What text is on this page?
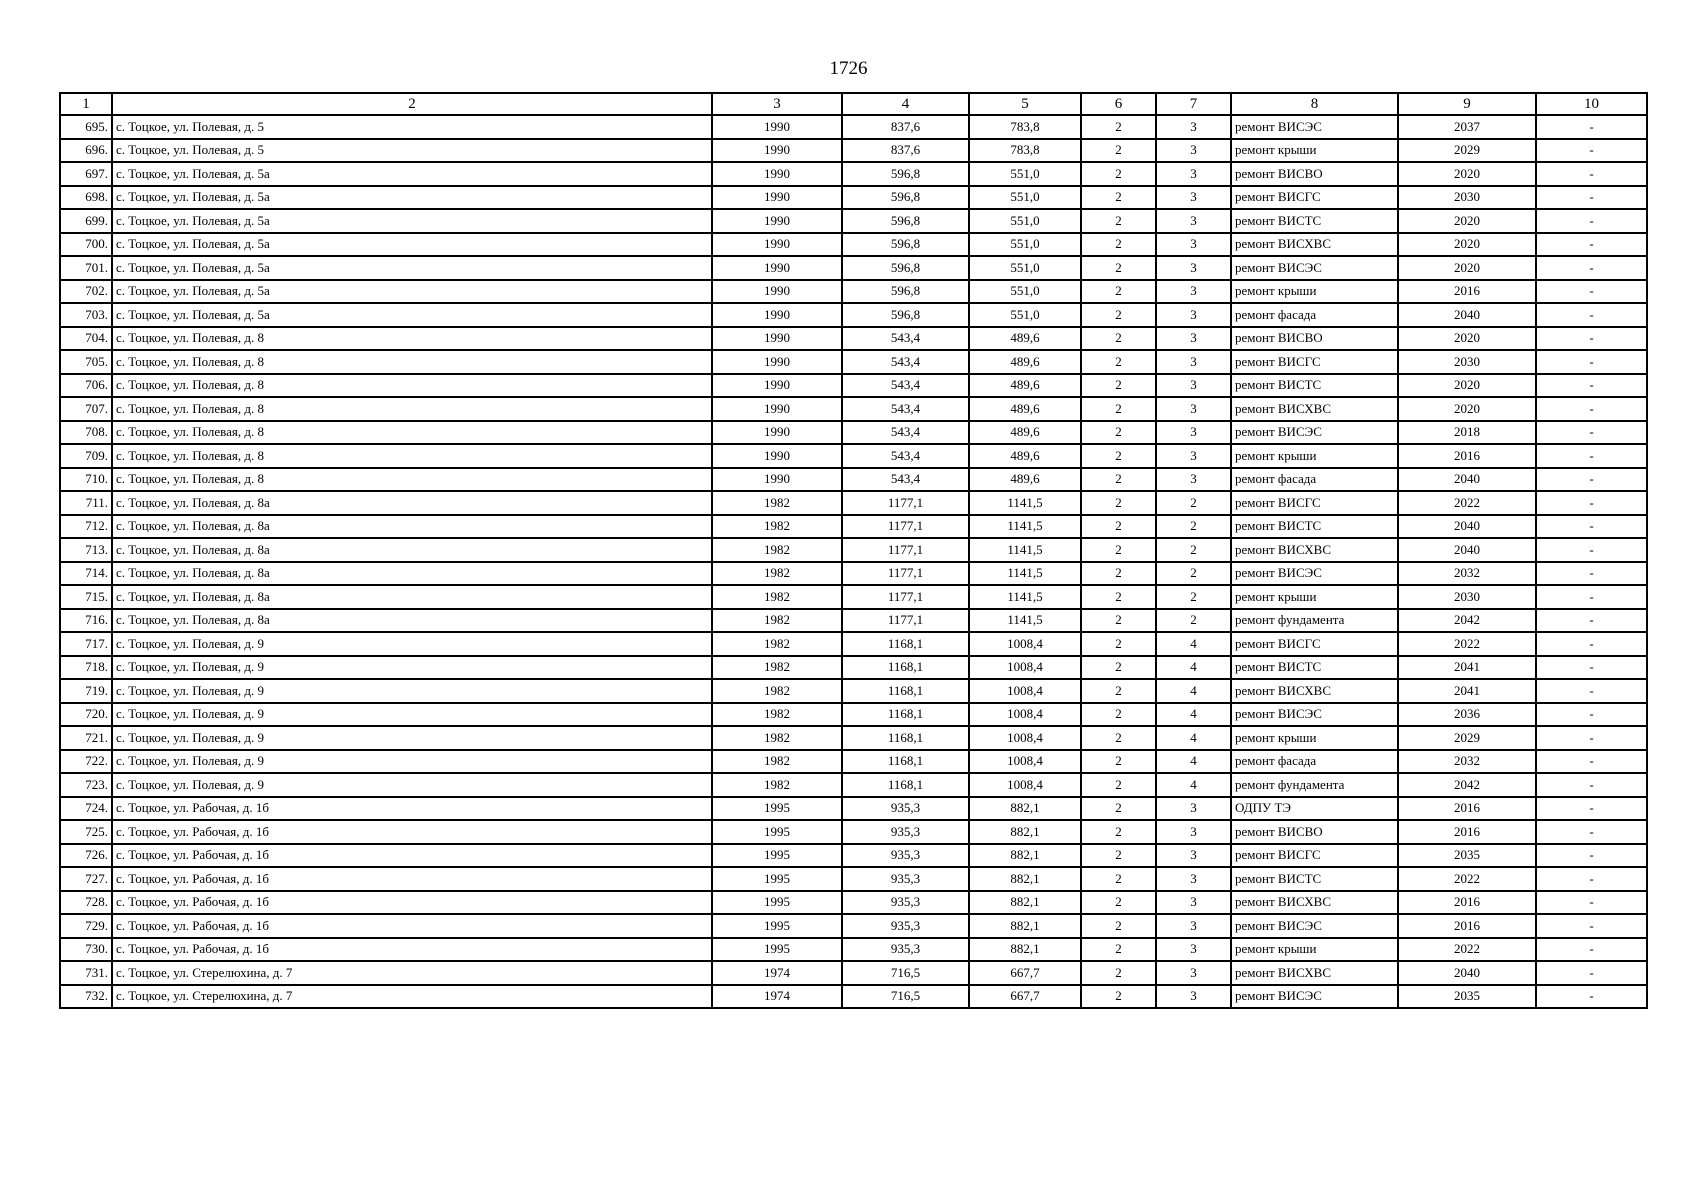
1726
1	2	3	4	5	6	7	8	9	10
695.	с. Тоцкое, ул. Полевая, д. 5	1990	837,6	783,8	2	3	ремонт ВИСЭС	2037	-
696.	с. Тоцкое, ул. Полевая, д. 5	1990	837,6	783,8	2	3	ремонт крыши	2029	-
697.	с. Тоцкое, ул. Полевая, д. 5а	1990	596,8	551,0	2	3	ремонт ВИСВО	2020	-
698.	с. Тоцкое, ул. Полевая, д. 5а	1990	596,8	551,0	2	3	ремонт ВИСГС	2030	-
699.	с. Тоцкое, ул. Полевая, д. 5а	1990	596,8	551,0	2	3	ремонт ВИСТС	2020	-
700.	с. Тоцкое, ул. Полевая, д. 5а	1990	596,8	551,0	2	3	ремонт ВИСХВС	2020	-
701.	с. Тоцкое, ул. Полевая, д. 5а	1990	596,8	551,0	2	3	ремонт ВИСЭС	2020	-
702.	с. Тоцкое, ул. Полевая, д. 5а	1990	596,8	551,0	2	3	ремонт крыши	2016	-
703.	с. Тоцкое, ул. Полевая, д. 5а	1990	596,8	551,0	2	3	ремонт фасада	2040	-
704.	с. Тоцкое, ул. Полевая, д. 8	1990	543,4	489,6	2	3	ремонт ВИСВО	2020	-
705.	с. Тоцкое, ул. Полевая, д. 8	1990	543,4	489,6	2	3	ремонт ВИСГС	2030	-
706.	с. Тоцкое, ул. Полевая, д. 8	1990	543,4	489,6	2	3	ремонт ВИСТС	2020	-
707.	с. Тоцкое, ул. Полевая, д. 8	1990	543,4	489,6	2	3	ремонт ВИСХВС	2020	-
708.	с. Тоцкое, ул. Полевая, д. 8	1990	543,4	489,6	2	3	ремонт ВИСЭС	2018	-
709.	с. Тоцкое, ул. Полевая, д. 8	1990	543,4	489,6	2	3	ремонт крыши	2016	-
710.	с. Тоцкое, ул. Полевая, д. 8	1990	543,4	489,6	2	3	ремонт фасада	2040	-
711.	с. Тоцкое, ул. Полевая, д. 8а	1982	1177,1	1141,5	2	2	ремонт ВИСГС	2022	-
712.	с. Тоцкое, ул. Полевая, д. 8а	1982	1177,1	1141,5	2	2	ремонт ВИСТС	2040	-
713.	с. Тоцкое, ул. Полевая, д. 8а	1982	1177,1	1141,5	2	2	ремонт ВИСХВС	2040	-
714.	с. Тоцкое, ул. Полевая, д. 8а	1982	1177,1	1141,5	2	2	ремонт ВИСЭС	2032	-
715.	с. Тоцкое, ул. Полевая, д. 8а	1982	1177,1	1141,5	2	2	ремонт крыши	2030	-
716.	с. Тоцкое, ул. Полевая, д. 8а	1982	1177,1	1141,5	2	2	ремонт фундамента	2042	-
717.	с. Тоцкое, ул. Полевая, д. 9	1982	1168,1	1008,4	2	4	ремонт ВИСГС	2022	-
718.	с. Тоцкое, ул. Полевая, д. 9	1982	1168,1	1008,4	2	4	ремонт ВИСТС	2041	-
719.	с. Тоцкое, ул. Полевая, д. 9	1982	1168,1	1008,4	2	4	ремонт ВИСХВС	2041	-
720.	с. Тоцкое, ул. Полевая, д. 9	1982	1168,1	1008,4	2	4	ремонт ВИСЭС	2036	-
721.	с. Тоцкое, ул. Полевая, д. 9	1982	1168,1	1008,4	2	4	ремонт крыши	2029	-
722.	с. Тоцкое, ул. Полевая, д. 9	1982	1168,1	1008,4	2	4	ремонт фасада	2032	-
723.	с. Тоцкое, ул. Полевая, д. 9	1982	1168,1	1008,4	2	4	ремонт фундамента	2042	-
724.	с. Тоцкое, ул. Рабочая, д. 1б	1995	935,3	882,1	2	3	ОДПУ ТЭ	2016	-
725.	с. Тоцкое, ул. Рабочая, д. 1б	1995	935,3	882,1	2	3	ремонт ВИСВО	2016	-
726.	с. Тоцкое, ул. Рабочая, д. 1б	1995	935,3	882,1	2	3	ремонт ВИСГС	2035	-
727.	с. Тоцкое, ул. Рабочая, д. 1б	1995	935,3	882,1	2	3	ремонт ВИСТС	2022	-
728.	с. Тоцкое, ул. Рабочая, д. 1б	1995	935,3	882,1	2	3	ремонт ВИСХВС	2016	-
729.	с. Тоцкое, ул. Рабочая, д. 1б	1995	935,3	882,1	2	3	ремонт ВИСЭС	2016	-
730.	с. Тоцкое, ул. Рабочая, д. 1б	1995	935,3	882,1	2	3	ремонт крыши	2022	-
731.	с. Тоцкое, ул. Стерелюхина, д. 7	1974	716,5	667,7	2	3	ремонт ВИСХВС	2040	-
732.	с. Тоцкое, ул. Стерелюхина, д. 7	1974	716,5	667,7	2	3	ремонт ВИСЭС	2035	-
